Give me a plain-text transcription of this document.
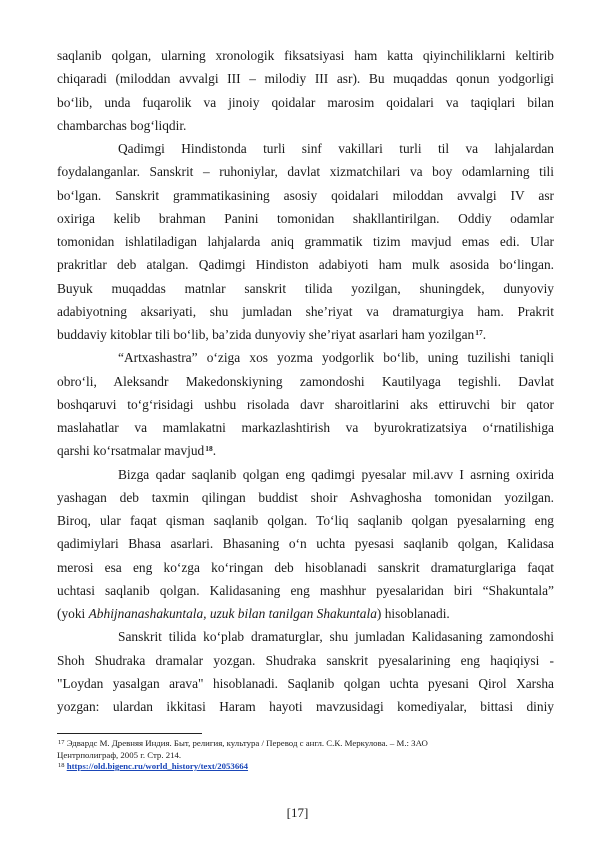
saqlanib qolgan, ularning xronologik fiksatsiyasi ham katta qiyinchiliklarni keltirib
chiqaradi (miloddan avvalgi III – milodiy III asr). Bu muqaddas qonun yodgorligi
bo‘lib, unda fuqarolik va jinoiy qoidalar marosim qoidalari va taqiqlari bilan
chambarchas bog‘liqdir.
Qadimgi Hindistonda turli sinf vakillari turli til va lahjalardan
foydalanganlar. Sanskrit – ruhoniylar, davlat xizmatchilari va boy odamlarning tili
bo‘lgan. Sanskrit grammatikasining asosiy qoidalari miloddan avvalgi IV asr
oxiriga kelib brahman Panini tomonidan shakllantirilgan. Oddiy odamlar
tomonidan ishlatiladigan lahjalarda aniq grammatik tizim mavjud emas edi. Ular
prakritlar deb atalgan. Qadimgi Hindiston adabiyoti ham mulk asosida bo‘lingan.
Buyuk muqaddas matnlar sanskrit tilida yozilgan, shuningdek, dunyoviy
adabiyotning aksariyati, shu jumladan she’riyat va dramaturgiya ham. Prakrit
buddaviy kitoblar tili bo‘lib, ba’zida dunyoviy she’riyat asarlari ham yozilgan$^{17}$.
“Artxashastra” o‘ziga xos yozma yodgorlik bo‘lib, uning tuzilishi taniqli
obro‘li, Aleksandr Makedonskiyning zamondoshi Kautilyaga tegishli. Davlat
boshqaruvi to‘g‘risidagi ushbu risolada davr sharoitlarini aks ettiruvchi bir qator
maslahatlar va mamlakatni markazlashtirish va byurokratizatsiya o‘rnatilishiga
qarshi ko‘rsatmalar mavjud$^{18}$.
Bizga qadar saqlanib qolgan eng qadimgi pyesalar mil.avv I asrning oxirida
yashagan deb taxmin qilingan buddist shoir Ashvaghosha tomonidan yozilgan.
Biroq, ular faqat qisman saqlanib qolgan. To‘liq saqlanib qolgan pyesalarning eng
qadimiylari Bhasa asarlari. Bhasaning o‘n uchta pyesasi saqlanib qolgan, Kalidasa
merosi esa eng ko‘zga ko‘ringan deb hisoblanadi sanskrit dramaturglariga faqat
uchtasi saqlanib qolgan. Kalidasaning eng mashhur pyesalaridan biri “Shakuntala”
(yoki Abhijnanashakuntala, uzuk bilan tanilgan Shakuntala) hisoblanadi.
Sanskrit tilida ko‘plab dramaturglar, shu jumladan Kalidasaning zamondoshi
Shoh Shudraka dramalar yozgan. Shudraka sanskrit pyesalarining eng haqiqiysi -
"Loydan yasalgan arava" hisoblanadi. Saqlanib qolgan uchta pyesani Qirol Xarsha
yozgan: ulardan ikkitasi Haram hayoti mavzusidagi komediyalar, bittasi diniy
$^{17}$ Эдвардс М. Древняя Индия. Быт, религия, культура / Перевод с англ. С.К. Меркулова. – М.: ЗАО
Центрполиграф, 2005 г. Стр. 214.
$^{18}$ https://old.bigenc.ru/world_history/text/2053664
[17]
